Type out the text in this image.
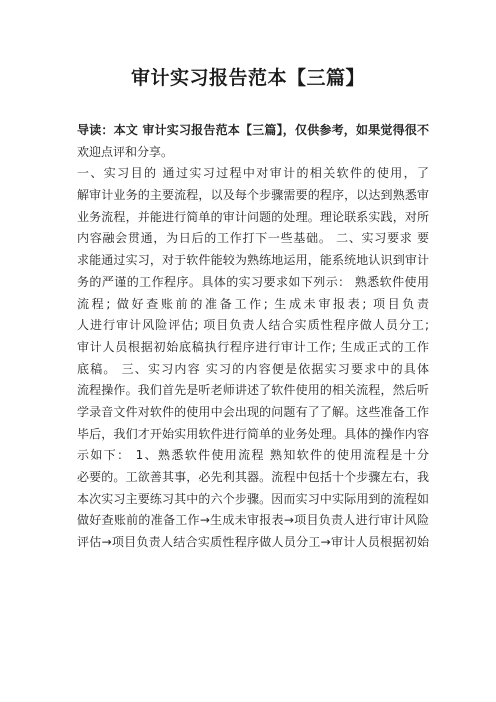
审计实习报告范本【三篇】
导读：本文 审计实习报告范本【三篇】，仅供参考，如果觉得很不
欢迎点评和分享。
一、实习目的 通过实习过程中对审计的相关软件的使用，了
解审计业务的主要流程，以及每个步骤需要的程序，以达到熟悉审
业务流程，并能进行简单的审计问题的处理。理论联系实践，对所
内容融会贯通，为日后的工作打下一些基础。 二、实习要求 要
求能通过实习，对于软件能较为熟练地运用，能系统地认识到审计
务的严谨的工作程序。具体的实习要求如下列示： 熟悉软件使用
流程; 做好查账前的准备工作; 生成未审报表; 项目负责
人进行审计风险评估; 项目负责人结合实质性程序做人员分工;
审计人员根据初始底稿执行程序进行审计工作; 生成正式的工作
底稿。 三、实习内容 实习的内容便是依据实习要求中的具体
流程操作。我们首先是听老师讲述了软件使用的相关流程，然后听
学录音文件对软件的使用中会出现的问题有了了解。这些准备工作
毕后，我们才开始实用软件进行简单的业务处理。具体的操作内容
示如下： 1、熟悉软件使用流程 熟知软件的使用流程是十分
必要的。工欲善其事，必先利其器。流程中包括十个步骤左右，我
本次实习主要练习其中的六个步骤。因而实习中实际用到的流程如
做好查账前的准备工作→生成未审报表→项目负责人进行审计风险
评估→项目负责人结合实质性程序做人员分工→审计人员根据初始
